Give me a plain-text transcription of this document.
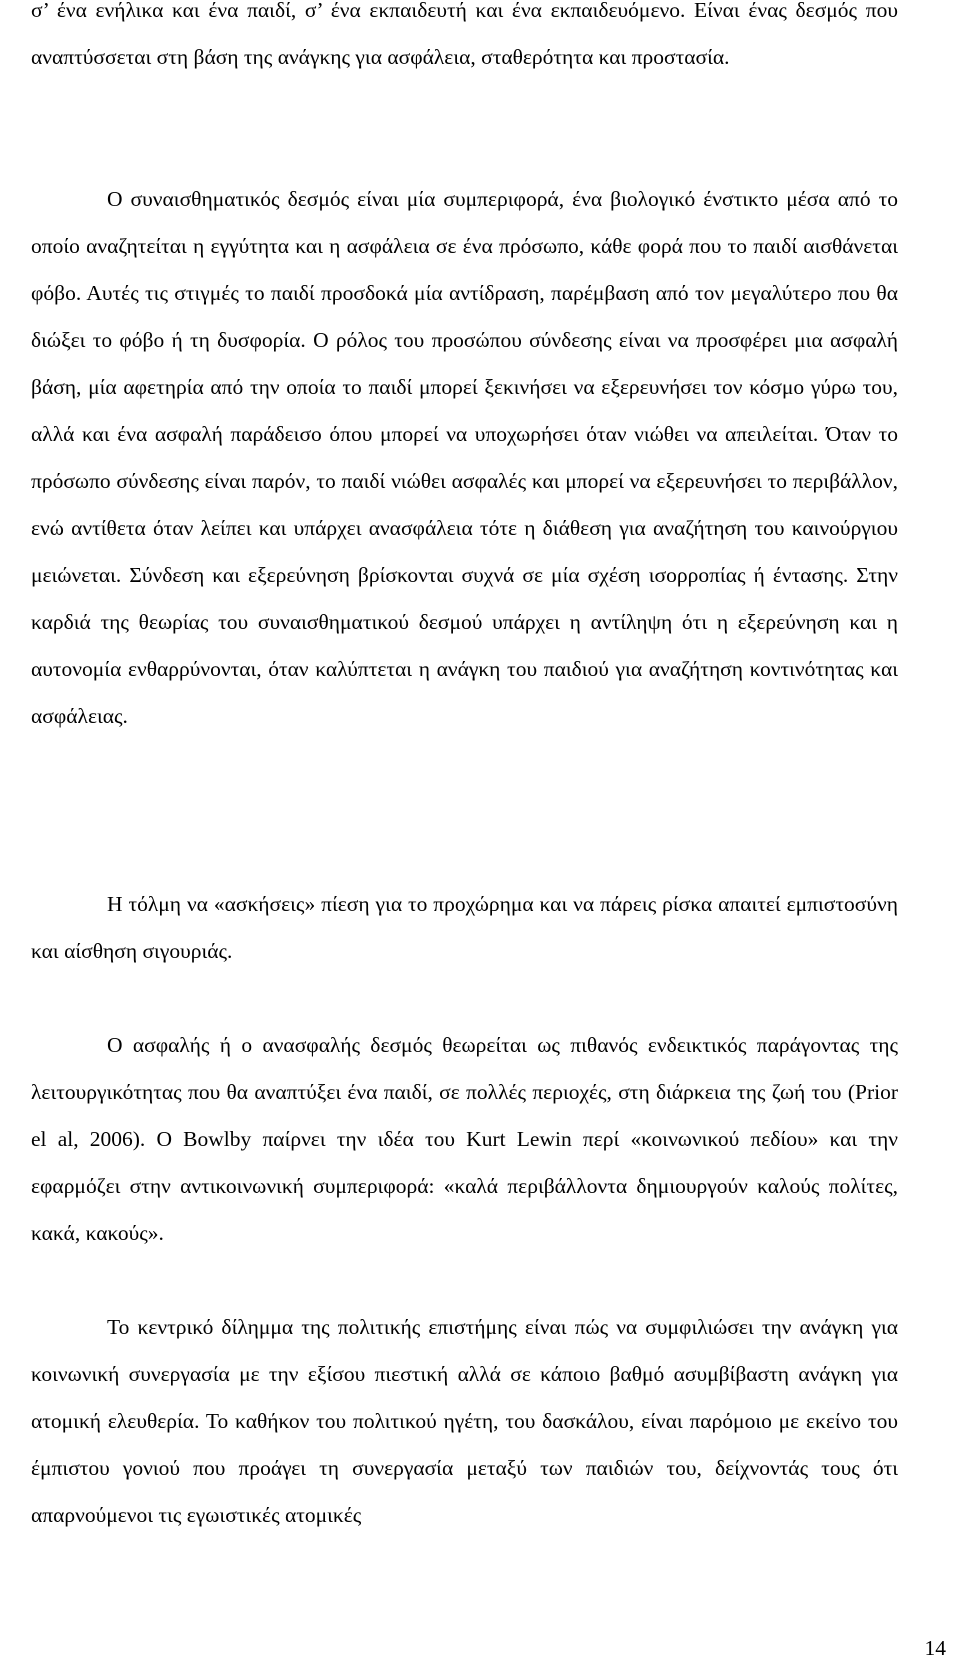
σ’ ένα ενήλικα και ένα παιδί, σ’ ένα εκπαιδευτή και ένα εκπαιδευόμενο. Είναι ένας δεσμός που αναπτύσσεται στη βάση της ανάγκης για ασφάλεια, σταθερότητα και προστασία.

Ο συναισθηματικός δεσμός είναι μία συμπεριφορά, ένα βιολογικό ένστικτο μέσα από το οποίο αναζητείται η εγγύτητα και η ασφάλεια σε ένα πρόσωπο, κάθε φορά που το παιδί αισθάνεται φόβο. Αυτές τις στιγμές το παιδί προσδοκά μία αντίδραση, παρέμβαση από τον μεγαλύτερο που θα διώξει το φόβο ή τη δυσφορία. Ο ρόλος του προσώπου σύνδεσης είναι να προσφέρει μια ασφαλή βάση, μία αφετηρία από την οποία το παιδί μπορεί ξεκινήσει να εξερευνήσει τον κόσμο γύρω του, αλλά και ένα ασφαλή παράδεισο όπου μπορεί να υποχωρήσει όταν νιώθει να απειλείται. Όταν το πρόσωπο σύνδεσης είναι παρόν, το παιδί νιώθει ασφαλές και μπορεί να εξερευνήσει το περιβάλλον, ενώ αντίθετα όταν λείπει και υπάρχει ανασφάλεια τότε η διάθεση για αναζήτηση του καινούργιου μειώνεται. Σύνδεση και εξερεύνηση βρίσκονται συχνά σε μία σχέση ισορροπίας ή έντασης. Στην καρδιά της θεωρίας του συναισθηματικού δεσμού υπάρχει η αντίληψη ότι η εξερεύνηση και η αυτονομία ενθαρρύνονται, όταν καλύπτεται η ανάγκη του παιδιού για αναζήτηση κοντινότητας και ασφάλειας.

Η τόλμη να «ασκήσεις» πίεση για το προχώρημα και να πάρεις ρίσκα απαιτεί εμπιστοσύνη και αίσθηση σιγουριάς.

Ο ασφαλής ή ο ανασφαλής δεσμός θεωρείται ως πιθανός ενδεικτικός παράγοντας της λειτουργικότητας που θα αναπτύξει ένα παιδί, σε πολλές περιοχές, στη διάρκεια της ζωή του (Prior el al, 2006). Ο Bowlby παίρνει την ιδέα του Kurt Lewin περί «κοινωνικού πεδίου» και την εφαρμόζει στην αντικοινωνική συμπεριφορά: «καλά περιβάλλοντα δημιουργούν καλούς πολίτες, κακά, κακούς».

Το κεντρικό δίλημμα της πολιτικής επιστήμης είναι πώς να συμφιλιώσει την ανάγκη για κοινωνική συνεργασία με την εξίσου πιεστική αλλά σε κάποιο βαθμό ασυμβίβαστη ανάγκη για ατομική ελευθερία. Το καθήκον του πολιτικού ηγέτη, του δασκάλου, είναι παρόμοιο με εκείνο του έμπιστου γονιού που προάγει τη συνεργασία μεταξύ των παιδιών του, δείχνοντάς τους ότι απαρνούμενοι τις εγωιστικές ατομικές

14
